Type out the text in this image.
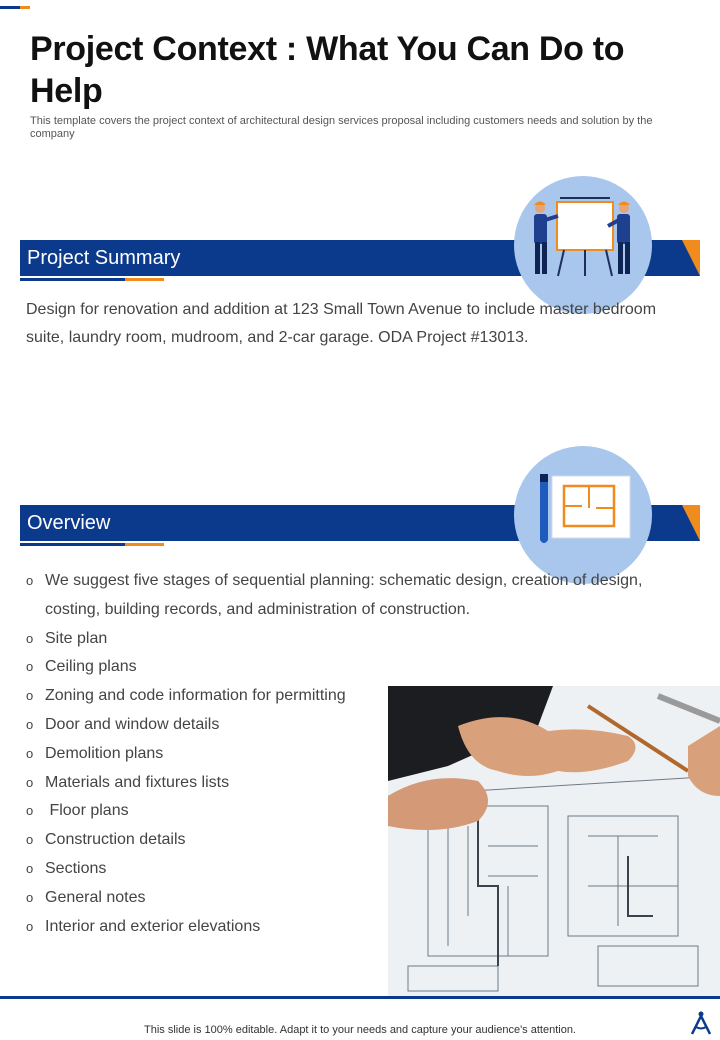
Project Context : What You Can Do to Help

This template covers the project context of architectural design services proposal including customers needs and solution by the company

Project Summary

Design for renovation and addition at 123 Small Town Avenue to include master bedroom suite, laundry room, mudroom, and 2-car garage. ODA Project #13013.

Overview
o We suggest five stages of sequential planning: schematic design, creation of design, costing, building records, and administration of construction.
o Site plan
o Ceiling plans
o Zoning and code information for permitting
o Door and window details
o Demolition plans
o Materials and fixtures lists
o  Floor plans
o Construction details
o Sections
o General notes
o Interior and exterior elevations

This slide is 100% editable. Adapt it to your needs and capture your audience's attention.
